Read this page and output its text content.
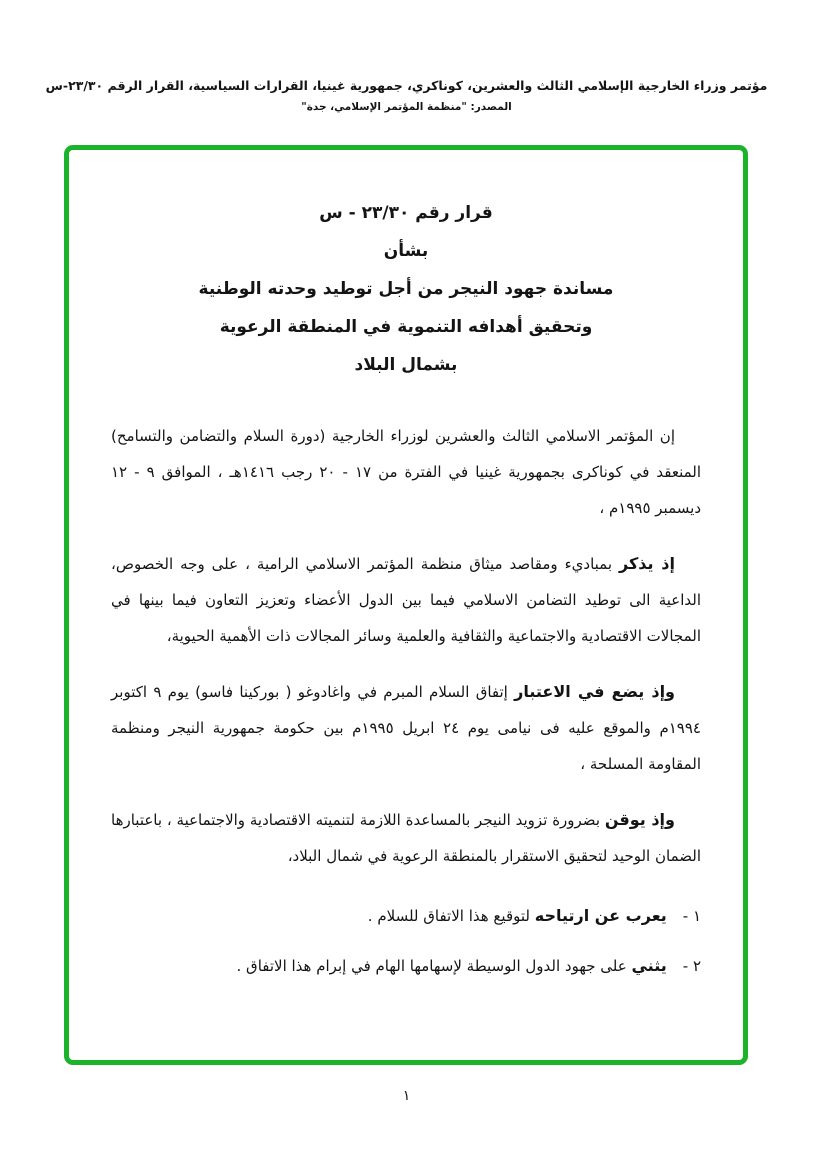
مؤتمر وزراء الخارجية الإسلامي الثالث والعشرين، كوناكري، جمهورية غينيا، القرارات السياسية، القرار الرقم ٢٣/٣٠-س
المصدر: "منظمة المؤتمر الإسلامي، جدة"
قرار رقم ٢٣/٣٠ - س
بشأن
مساندة جهود النيجر من أجل توطيد وحدته الوطنية
وتحقيق أهدافه التنموية في المنطقة الرعوية
بشمال البلاد

إن المؤتمر الاسلامي الثالث والعشرين لوزراء الخارجية (دورة السلام والتضامن والتسامح) المنعقد في كوناكرى بجمهورية غينيا في الفترة من ١٧ - ٢٠ رجب ١٤١٦هـ ، الموافق ٩ - ١٢ ديسمبر ١٩٩٥م ،

إذ يذكر بمباديء ومقاصد ميثاق منظمة المؤتمر الاسلامي الرامية ، على وجه الخصوص، الداعية الى توطيد التضامن الاسلامي فيما بين الدول الأعضاء وتعزيز التعاون فيما بينها في المجالات الاقتصادية والاجتماعية والثقافية والعلمية وسائر المجالات ذات الأهمية الحيوية،

وإذ يضع في الاعتبار إتفاق السلام المبرم في واغادوغو ( بوركينا فاسو) يوم ٩ اكتوبر ١٩٩٤م والموقع عليه فى نيامى يوم ٢٤ ابريل ١٩٩٥م بين حكومة جمهورية النيجر ومنظمة المقاومة المسلحة ،

وإذ يوقن بضرورة تزويد النيجر بالمساعدة اللازمة لتنميته الاقتصادية والاجتماعية ، باعتبارها الضمان الوحيد لتحقيق الاستقرار بالمنطقة الرعوية في شمال البلاد،

١ -
يعرب عن ارتياحه لتوقيع هذا الاتفاق للسلام .
٢ -
يثني على جهود الدول الوسيطة لإسهامها الهام في إبرام هذا الاتفاق .
١
